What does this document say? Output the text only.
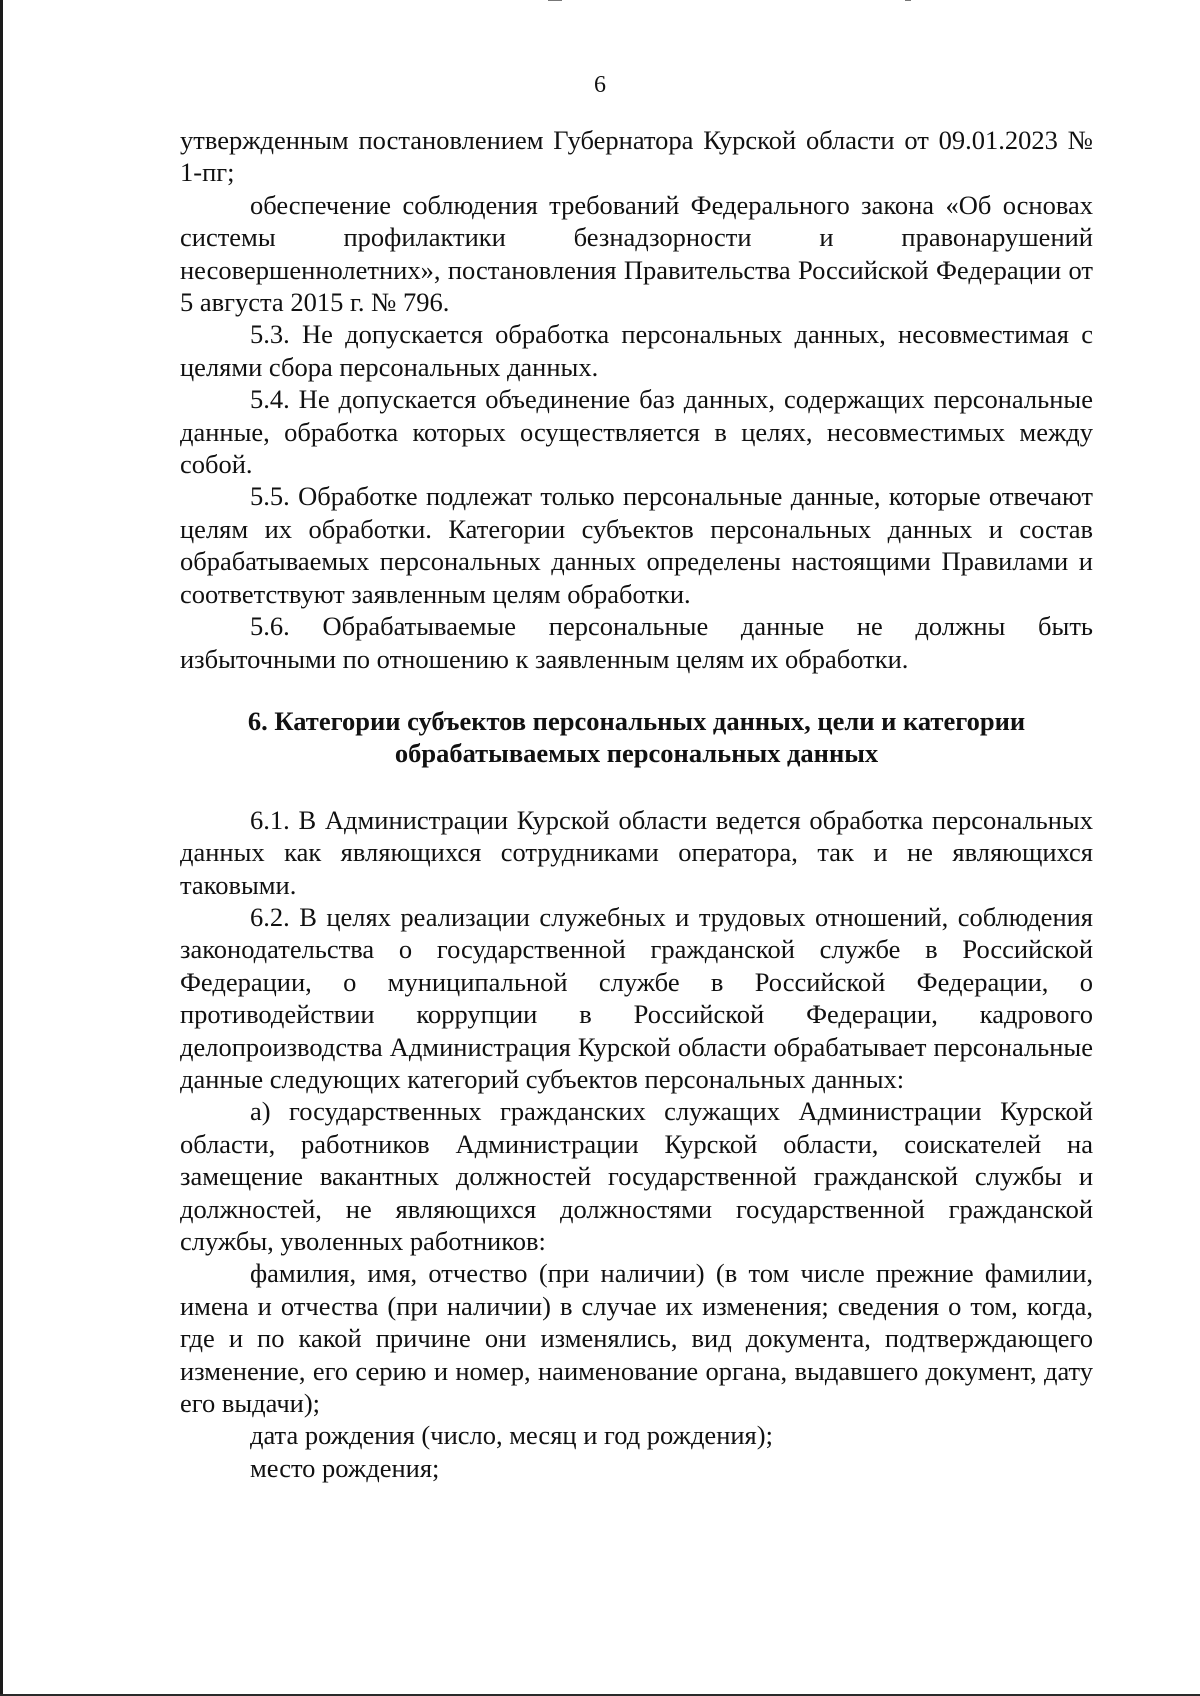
6

утвержденным постановлением Губернатора Курской области от 09.01.2023 № 1-пг;

обеспечение соблюдения требований Федерального закона «Об основах системы профилактики безнадзорности и правонарушений несовершеннолетних», постановления Правительства Российской Федерации от 5 августа 2015 г. № 796.

5.3. Не допускается обработка персональных данных, несовместимая с целями сбора персональных данных.

5.4. Не допускается объединение баз данных, содержащих персональные данные, обработка которых осуществляется в целях, несовместимых между собой.

5.5. Обработке подлежат только персональные данные, которые отвечают целям их обработки. Категории субъектов персональных данных и состав обрабатываемых персональных данных определены настоящими Правилами и соответствуют заявленным целям обработки.

5.6. Обрабатываемые персональные данные не должны быть избыточными по отношению к заявленным целям их обработки.

6. Категории субъектов персональных данных, цели и категории
обрабатываемых персональных данных

6.1. В Администрации Курской области ведется обработка персональных данных как являющихся сотрудниками оператора, так и не являющихся таковыми.

6.2. В целях реализации служебных и трудовых отношений, соблюдения законодательства о государственной гражданской службе в Российской Федерации, о муниципальной службе в Российской Федерации, о противодействии коррупции в Российской Федерации, кадрового делопроизводства Администрация Курской области обрабатывает персональные данные следующих категорий субъектов персональных данных:

а) государственных гражданских служащих Администрации Курской области, работников Администрации Курской области, соискателей на замещение вакантных должностей государственной гражданской службы и должностей, не являющихся должностями государственной гражданской службы, уволенных работников:

фамилия, имя, отчество (при наличии) (в том числе прежние фамилии, имена и отчества (при наличии) в случае их изменения; сведения о том, когда, где и по какой причине они изменялись, вид документа, подтверждающего изменение, его серию и номер, наименование органа, выдавшего документ, дату его выдачи);

дата рождения (число, месяц и год рождения);

место рождения;
